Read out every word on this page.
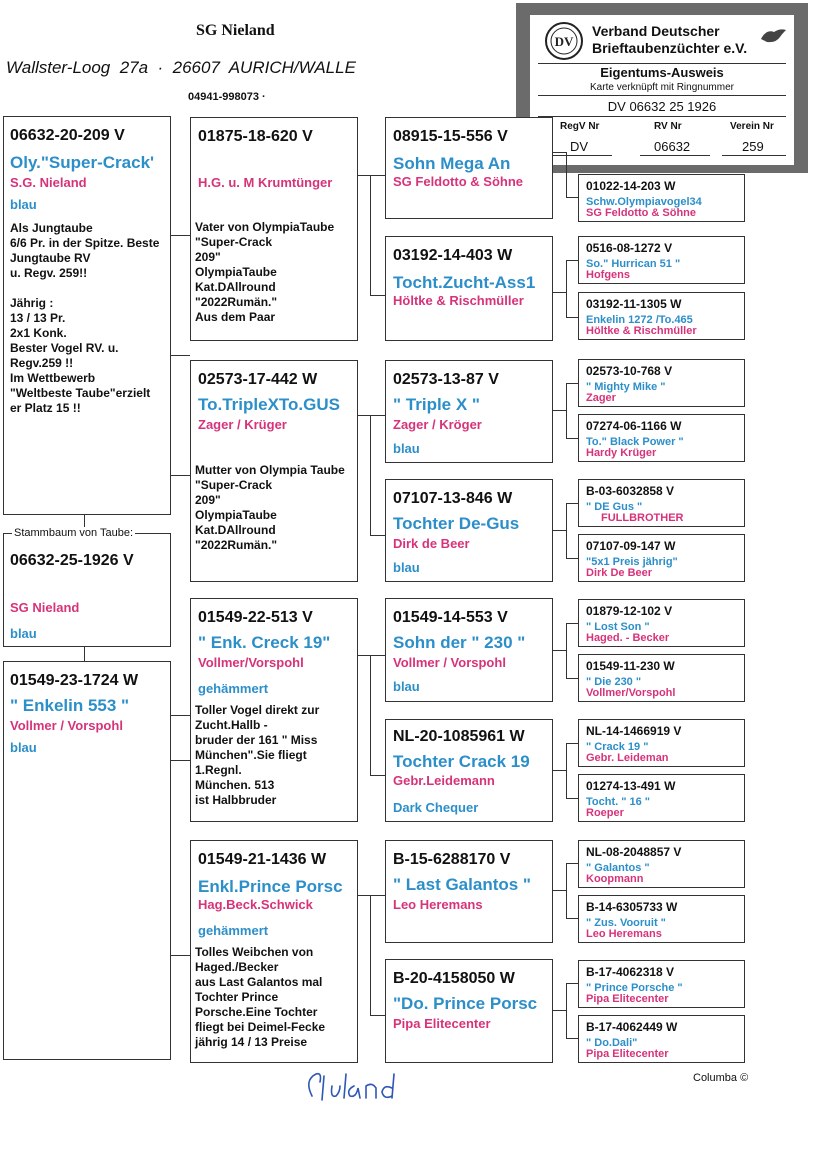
SG Nieland
Wallster-Loog  27a  ·  26607  AURICH/WALLE
04941-998073 ·
DV
Verband Deutscher
Brieftaubenzüchter e.V.
Eigentums-Ausweis
Karte verknüpft mit Ringnummer
DV 06632 25 1926
RegV Nr	RV Nr	Verein Nr
DV	06632	259
06632-20-209 V
Oly."Super-Crack'
S.G. Nieland
blau
Als Jungtaube
6/6 Pr. in der Spitze. Beste
Jungtaube RV
u. Regv. 259!!

Jährig :
13 / 13 Pr.
2x1 Konk.
Bester Vogel RV. u.
Regv.259 !!
Im Wettbewerb
"Weltbeste Taube"erzielt
er Platz 15 !!
Stammbaum von Taube:
06632-25-1926 V
SG Nieland
blau
01549-23-1724 W
" Enkelin 553 "
Vollmer / Vorspohl
blau
01875-18-620 V
H.G. u. M Krumtünger
Vater von OlympiaTaube
"Super-Crack
209"
OlympiaTaube
Kat.DAllround
"2022Rumän."
Aus dem Paar
02573-17-442 W
To.TripleXTo.GUS
Zager / Krüger
Mutter von Olympia Taube
"Super-Crack
209"
OlympiaTaube
Kat.DAllround
"2022Rumän."
01549-22-513 V
" Enk. Creck 19"
Vollmer/Vorspohl
gehämmert
Toller Vogel direkt zur
Zucht.Hallb -
bruder der 161 " Miss
München".Sie fliegt
1.Regnl.
München. 513
ist Halbbruder
01549-21-1436 W
Enkl.Prince Porsc
Hag.Beck.Schwick
gehämmert
Tolles Weibchen von
Haged./Becker
aus Last Galantos mal
Tochter Prince
Porsche.Eine Tochter
fliegt bei Deimel-Fecke
jährig 14 / 13 Preise
08915-15-556 V
Sohn Mega An
SG Feldotto & Söhne
03192-14-403 W
Tocht.Zucht-Ass1
Höltke & Rischmüller
02573-13-87 V
" Triple X "
Zager / Kröger
blau
07107-13-846 W
Tochter De-Gus
Dirk de Beer
blau
01549-14-553 V
Sohn der " 230 "
Vollmer / Vorspohl
blau
NL-20-1085961 W
Tochter Crack 19
Gebr.Leidemann
Dark Chequer
B-15-6288170 V
" Last Galantos "
Leo Heremans
B-20-4158050 W
"Do. Prince Porsc
Pipa Elitecenter
01022-14-203 W
Schw.Olympiavogel34
SG Feldotto & Söhne
0516-08-1272 V
So." Hurrican 51 "
Hofgens
03192-11-1305 W
Enkelin 1272 /To.465
Höltke & Rischmüller
02573-10-768 V
" Mighty Mike "
Zager
07274-06-1166 W
To." Black Power "
Hardy Krüger
B-03-6032858 V
" DE Gus "
FULLBROTHER
07107-09-147 W
"5x1 Preis jährig"
Dirk De Beer
01879-12-102 V
" Lost Son "
Haged. - Becker
01549-11-230 W
" Die 230 "
Vollmer/Vorspohl
NL-14-1466919 V
" Crack 19 "
Gebr. Leideman
01274-13-491 W
Tocht. " 16 "
Roeper
NL-08-2048857 V
" Galantos "
Koopmann
B-14-6305733 W
" Zus. Vooruit "
Leo Heremans
B-17-4062318 V
" Prince Porsche "
Pipa Elitecenter
B-17-4062449 W
" Do.Dali"
Pipa Elitecenter
Columba ©
